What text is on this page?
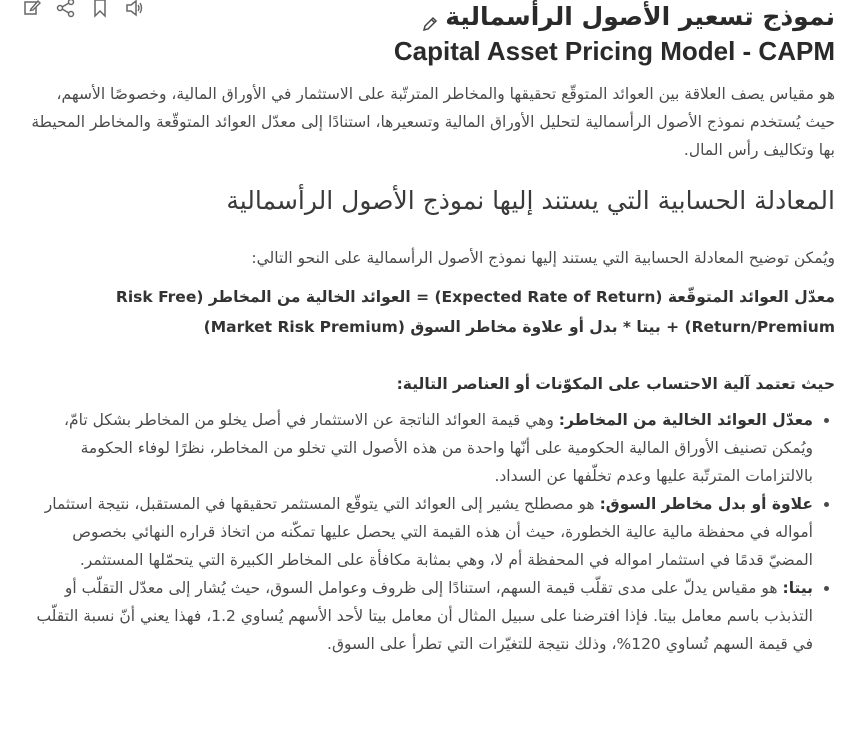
نموذج تسعير الأصول الرأسمالية
Capital Asset Pricing Model - CAPM

هو مقياس يصف العلاقة بين العوائد المتوقّع تحقيقها والمخاطر المترتّبة على الاستثمار في الأوراق المالية، وخصوصًا الأسهم، حيث يُستخدم نموذج الأصول الرأسمالية لتحليل الأوراق المالية وتسعيرها، استنادًا إلى معدّل العوائد المتوقّعة والمخاطر المحيطة بها وتكاليف رأس المال.

المعادلة الحسابية التي يستند إليها نموذج الأصول الرأسمالية

ويُمكن توضيح المعادلة الحسابية التي يستند إليها نموذج الأصول الرأسمالية على النحو التالي:

معدّل العوائد المتوقّعة (Expected Rate of Return) = العوائد الخالية من المخاطر (Risk Free Return/Premium) + بيتا * بدل أو علاوة مخاطر السوق (Market Risk Premium)

حيث تعتمد آلية الاحتساب على المكوّنات أو العناصر التالية:

• معدّل العوائد الخالية من المخاطر: وهي قيمة العوائد الناتجة عن الاستثمار في أصل يخلو من المخاطر بشكل تامّ، ويُمكن تصنيف الأوراق المالية الحكومية على أنّها واحدة من هذه الأصول التي تخلو من المخاطر، نظرًا لوفاء الحكومة بالالتزامات المترتّبة عليها وعدم تخلّفها عن السداد.
• علاوة أو بدل مخاطر السوق: هو مصطلح يشير إلى العوائد التي يتوقّع المستثمر تحقيقها في المستقبل، نتيجة استثمار أمواله في محفظة مالية عالية الخطورة، حيث أن هذه القيمة التي يحصل عليها تمكّنه من اتخاذ قراره النهائي بخصوص المضيّ قدمًا في استثمار امواله في المحفظة أم لا، وهي بمثابة مكافأة على المخاطر الكبيرة التي يتحمّلها المستثمر.
• بيتا: هو مقياس يدلّ على مدى تقلّب قيمة السهم، استنادًا إلى ظروف وعوامل السوق، حيث يُشار إلى معدّل التقلّب أو التذبذب باسم معامل بيتا. فإذا افترضنا على سبيل المثال أن معامل بيتا لأحد الأسهم يُساوي 1.2، فهذا يعني أنّ نسبة التقلّب في قيمة السهم تُساوي 120%، وذلك نتيجة للتغيّرات التي تطرأ على السوق.
